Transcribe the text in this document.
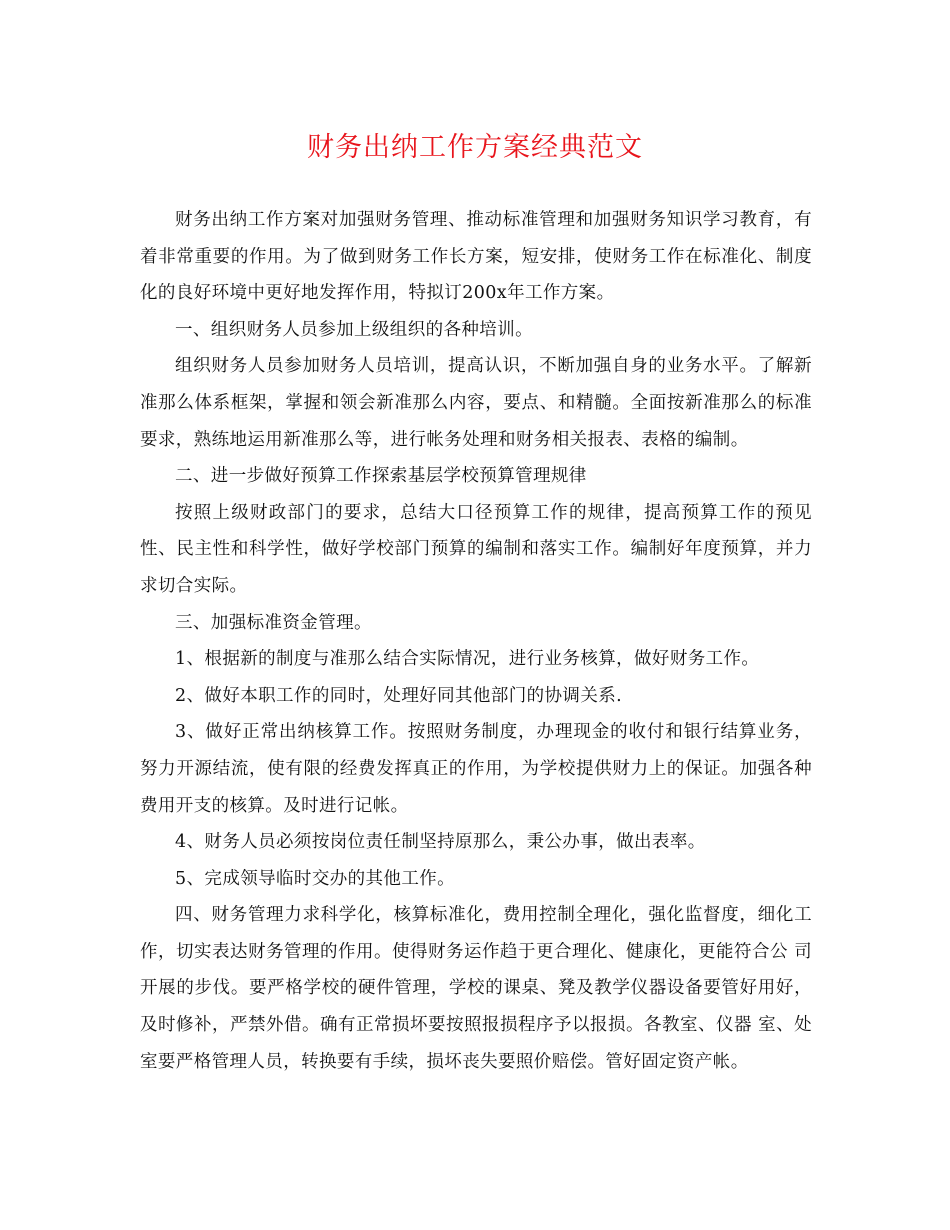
财务出纳工作方案经典范文

财务出纳工作方案对加强财务管理、推动标准管理和加强财务知识学习教育，有着非常重要的作用。为了做到财务工作长方案，短安排，使财务工作在标准化、制度化的良好环境中更好地发挥作用，特拟订200x年工作方案。

一、组织财务人员参加上级组织的各种培训。

组织财务人员参加财务人员培训，提高认识，不断加强自身的业务水平。了解新准那么体系框架，掌握和领会新准那么内容，要点、和精髓。全面按新准那么的标准要求，熟练地运用新准那么等，进行帐务处理和财务相关报表、表格的编制。

二、进一步做好预算工作探索基层学校预算管理规律

按照上级财政部门的要求，总结大口径预算工作的规律，提高预算工作的预见性、民主性和科学性，做好学校部门预算的编制和落实工作。编制好年度预算，并力求切合实际。

三、加强标准资金管理。

1、根据新的制度与准那么结合实际情况，进行业务核算，做好财务工作。

2、做好本职工作的同时，处理好同其他部门的协调关系.

3、做好正常出纳核算工作。按照财务制度，办理现金的收付和银行结算业务，努力开源结流，使有限的经费发挥真正的作用，为学校提供财力上的保证。加强各种费用开支的核算。及时进行记帐。

4、财务人员必须按岗位责任制坚持原那么，秉公办事，做出表率。

5、完成领导临时交办的其他工作。

四、财务管理力求科学化，核算标准化，费用控制全理化，强化监督度，细化工作，切实表达财务管理的作用。使得财务运作趋于更合理化、健康化，更能符合公 司开展的步伐。要严格学校的硬件管理，学校的课桌、凳及教学仪器设备要管好用好，及时修补，严禁外借。确有正常损坏要按照报损程序予以报损。各教室、仪器 室、处室要严格管理人员，转换要有手续，损坏丧失要照价赔偿。管好固定资产帐。
